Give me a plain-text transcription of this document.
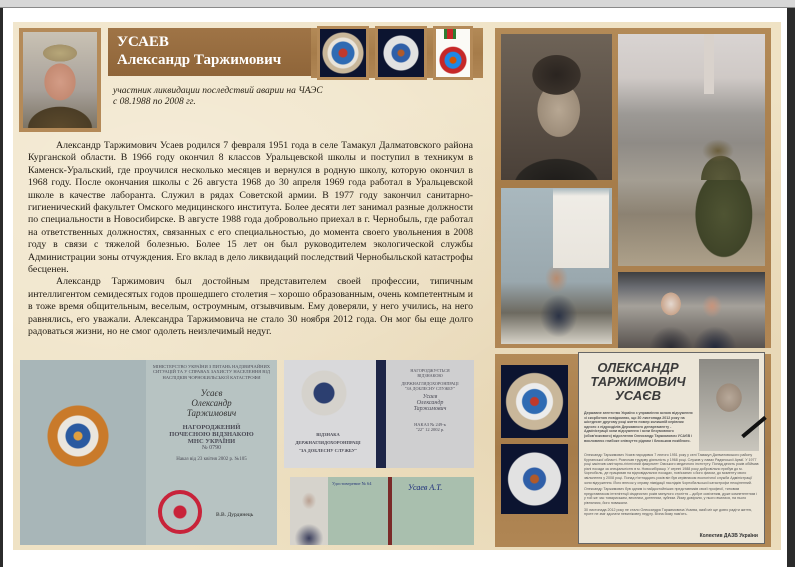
УСАЕВ
Александр Таржимович
участник ликвидации последствий аварии на ЧАЭС
с 08.1988 по 2008 гг.

Александр Таржимович Усаев родился 7 февраля 1951 года в селе Тамакул Далматовского района Курганской области. В 1966 году окончил 8 классов Уральцевской школы и поступил в техникум в Каменск-Уральский, где проучился несколько месяцев и вернулся в родную школу, которую окончил в 1968 году. После окончания школы с 26 августа 1968 до 30 апреля 1969 года работал в Уральцевской школе в качестве лаборанта. Служил в рядах Советской армии. В 1977 году закончил санитарно-гигиенический факультет Омского медицинского института. Более десяти лет занимал разные должности по специальности в Новосибирске. В августе 1988 года добровольно приехал в г. Чернобыль, где работал на ответственных должностях, связанных с его специальностью, до момента своего увольнения в 2008 году в связи с тяжелой болезнью. Более 15 лет он был руководителем экологической службы Администрации зоны отчуждения. Его вклад в дело ликвидаций последствий Чернобыльской катастрофы бесценен.

Александр Таржимович был достойным представителем своей профессии, типичным интеллигентом семидесятых годов прошедшего столетия – хорошо образованным, очень компетентным и в тоже время общительным, веселым, остроумным, отзывчивым. Ему доверяли, у него учились, на него равнялись, его уважали. Александра Таржимовича не стало 30 ноября 2012 года. Он мог бы еще долго радоваться жизни, но не смог одолеть неизлечимый недуг.

МІНІСТЕРСТВО УКРАЇНИ З ПИТАНЬ НАДЗВИЧАЙНИХ СИТУАЦІЙ ТА У СПРАВАХ ЗАХИСТУ НАСЕЛЕННЯ ВІД НАСЛІДКІВ ЧОРНОБИЛЬСЬКОЇ КАТАСТРОФИ
Усаєв
Олександр
Таржимович
НАГОРОДЖЕНИЙ
ПОЧЕСНОЮ ВІДЗНАКОЮ
МНС УКРАЇНИ
№ 0790
Наказ від 23 квітня 2002 р. №105
В.В. Дурдинець
ВІДЗНАКА
ДЕРЖНАГЛЯДОХОРОНПРАЦІ
"ЗА ДОБЛЕСНУ СЛУЖБУ"
НАГОРОДЖУЄТЬСЯ
ВІДЗНАКОЮ
ДЕРЖНАГЛЯДОХОРОНПРАЦІ
"ЗА ДОБЛЕСНУ СЛУЖБУ"
Усаєв
Олександр
Таржимович
НАКАЗ № 249-к
"22" 12 2002 р.
Удостоверение № 64	Усаев А.Т.
ОЛЕКСАНДР
ТАРЖИМОВИЧ
УСАЄВ
Державне агентство України з управління зоною відчуження зі скорботою повідомляє, що 30 листопада 2012 року на шістдесят другому році життя помер колишній керівник одного з підрозділів Державного департаменту - Адміністрації зони відчуження і зони безумовного (обов'язкового) відселення Олександр Таржимович УСАЄВ і висловлює глибоке співчуття рідним і близьким покійного.
Олександр Таржимович Усаєв народився 7 лютого 1951 року у селі Тамакул Далматовського району Курганської області. Розпочав трудову діяльність у 1968 році. Служив у лавах Радянської Армії. У 1977 році закінчив санітарно-гігієнічний факультет Омського медичного інституту. Понад десять років обіймав різні посади за спеціальністю в м. Новосибірську. У серпні 1988 року добровільно прибув до м. Чорнобиль, де працював на відповідальних посадах, пов'язаних з його фахом, до моменту свого звільнення у 2008 році. Понад п'ятнадцять років він був керівником екологічної служби Адміністрації зони відчуження. Його внесок у справу ліквідації наслідків Чорнобильської катастрофи неоціненний.
Олександр Таржимович був одним із найдостойніших представників своєї професії, типовим представником інтелігенції сімдесятих років минулого століття – добре освіченим, дуже компетентним і у той же час товариським, веселим, дотепним, чуйним. Йому довіряли, у нього вчилися, на нього рівнялися, його поважали.
30 листопада 2012 року не стало Олександра Таржимовича Усаєва, який міг ще довго радіти життю, проте не зміг здолати невиліковну недугу. Вічна йому пам'ять.
Колектив ДАЗВ України
